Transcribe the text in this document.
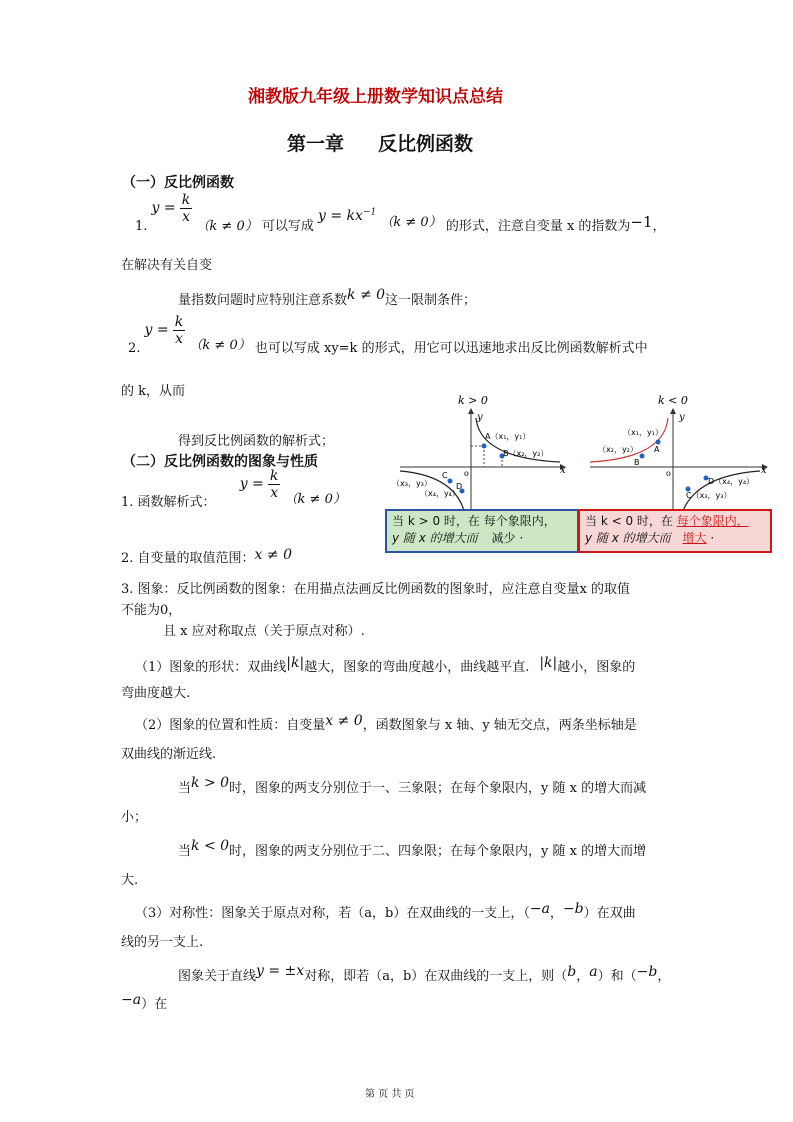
湘教版九年级上册数学知识点总结
第一章 反比例函数
（一）反比例函数
1. $y = \frac{k}{x}$
（k ≠ 0） 可以写成 $y = kx^{-1}$ （k ≠ 0） 的形式，注意自变量 x 的指数为−1，
在解决有关自变
量指数问题时应特别注意系数k ≠ 0这一限制条件；
2. $y = \frac{k}{x} (k \ne 0)$ 也可以写成 xy=k 的形式，用它可以迅速地求出反比例函数解析式中
的 k，从而
得到反比例函数的解析式；
（二）反比例函数的图象与性质
k > 0
x
y
o
A（x₁，y₁）
B（x₂，y₂）
（x₃，y₃）
（x₄，y₄）
C
D
k < 0
x
y
o
（x₁，y₁）
（x₂，y₂） A
B
D（x₄，y₄）
C（x₃，y₃）
当 k > 0 时，在 每个象限内，
y 随 x 的增大而 减少 ·
当 k < 0 时，在 每个象限内，
y 随 x 的增大而 增大 ·
1. 函数解析式： $y = \frac{k}{x} (k \ne 0)$
2. 自变量的取值范围：x ≠ 0
3. 图象：反比例函数的图象：在用描点法画反比例函数的图象时，应注意自变量x 的取值
不能为0，
且 x 应对称取点（关于原点对称）.
（1）图象的形状：双曲线|k|越大，图象的弯曲度越小，曲线越平直. |k|越小，图象的
弯曲度越大.
（2）图象的位置和性质：自变量x ≠ 0，函数图象与 x 轴、y 轴无交点，两条坐标轴是
双曲线的渐近线.
当k > 0时，图象的两支分别位于一、三象限；在每个象限内，y 随 x 的增大而减
小；
当k < 0时，图象的两支分别位于二、四象限；在每个象限内，y 随 x 的增大而增
大.
（3）对称性：图象关于原点对称，若（a，b）在双曲线的一支上，（−a，−b）在双曲
线的另一支上.
图象关于直线y = ±x对称，即若（a，b）在双曲线的一支上，则（b，a）和（−b，
−a）在
第 页 共 页
